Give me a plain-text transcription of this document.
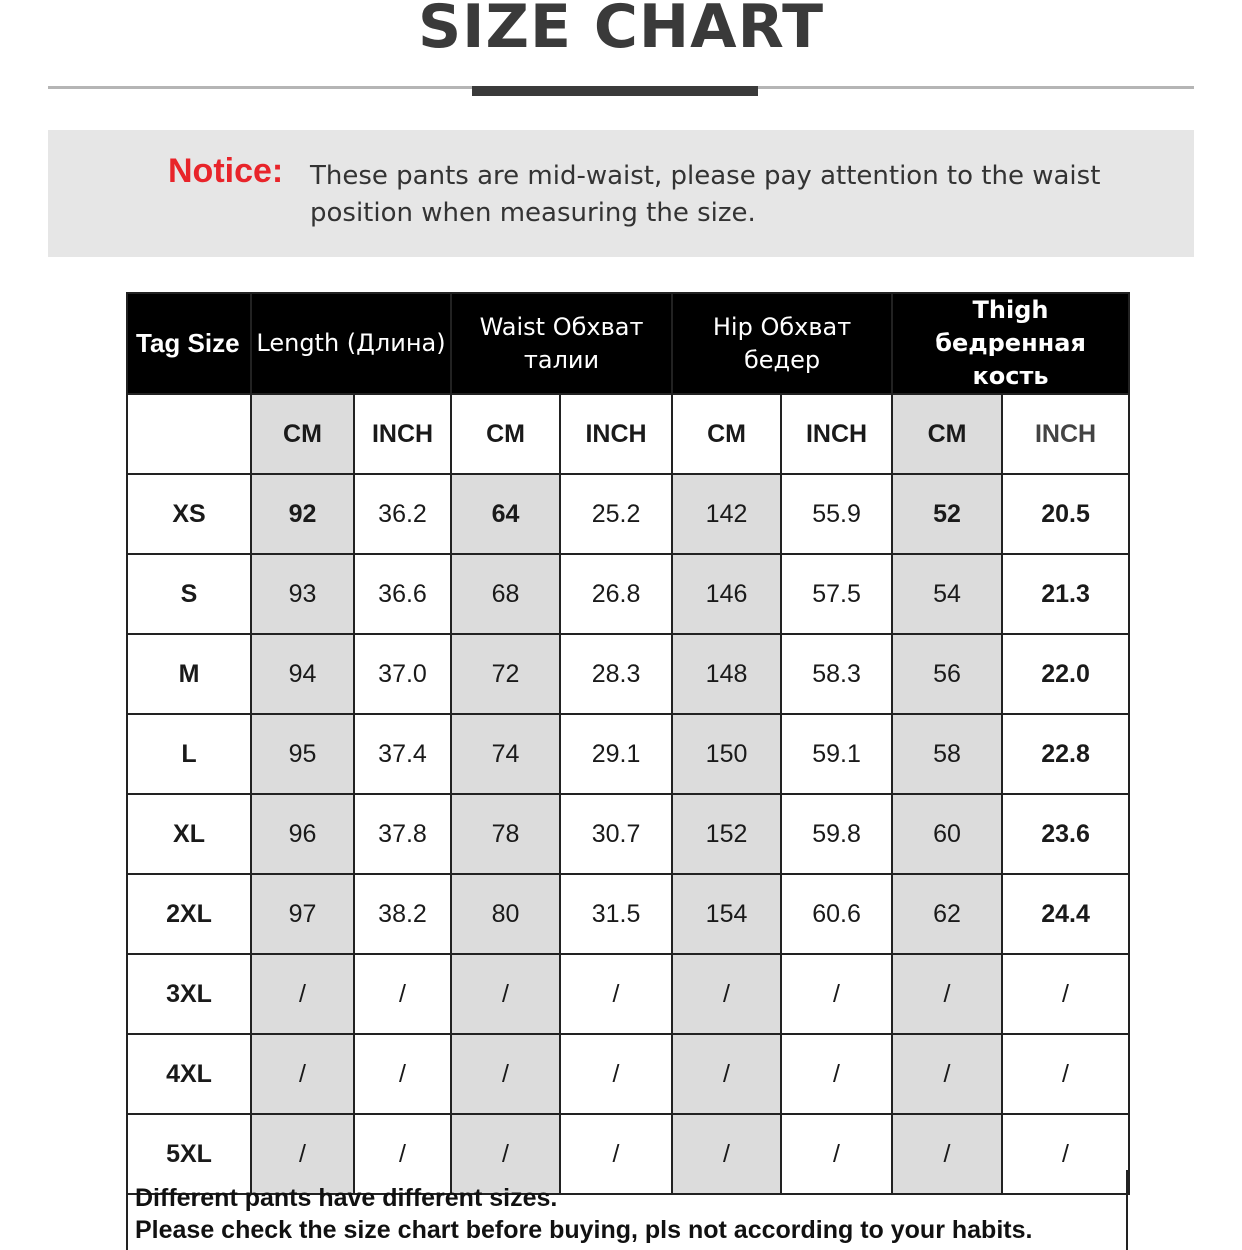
SIZE CHART
Notice: These pants are mid-waist, please pay attention to the waist position when measuring the size.
Tag Size	Length (Длина)		Waist Обхват талии		Hip Обхват бедер		Thigh
бедренная кость	
	CM	INCH	CM	INCH	CM	INCH	CM	INCH
XS	92	36.2	64	25.2	142	55.9	52	20.5
S	93	36.6	68	26.8	146	57.5	54	21.3
M	94	37.0	72	28.3	148	58.3	56	22.0
L	95	37.4	74	29.1	150	59.1	58	22.8
XL	96	37.8	78	30.7	152	59.8	60	23.6
2XL	97	38.2	80	31.5	154	60.6	62	24.4
3XL	/	/	/	/	/	/	/	/
4XL	/	/	/	/	/	/	/	/
5XL	/	/	/	/	/	/	/	/
Different pants have different sizes.
Please check the size chart before buying, pls not according to your habits.
